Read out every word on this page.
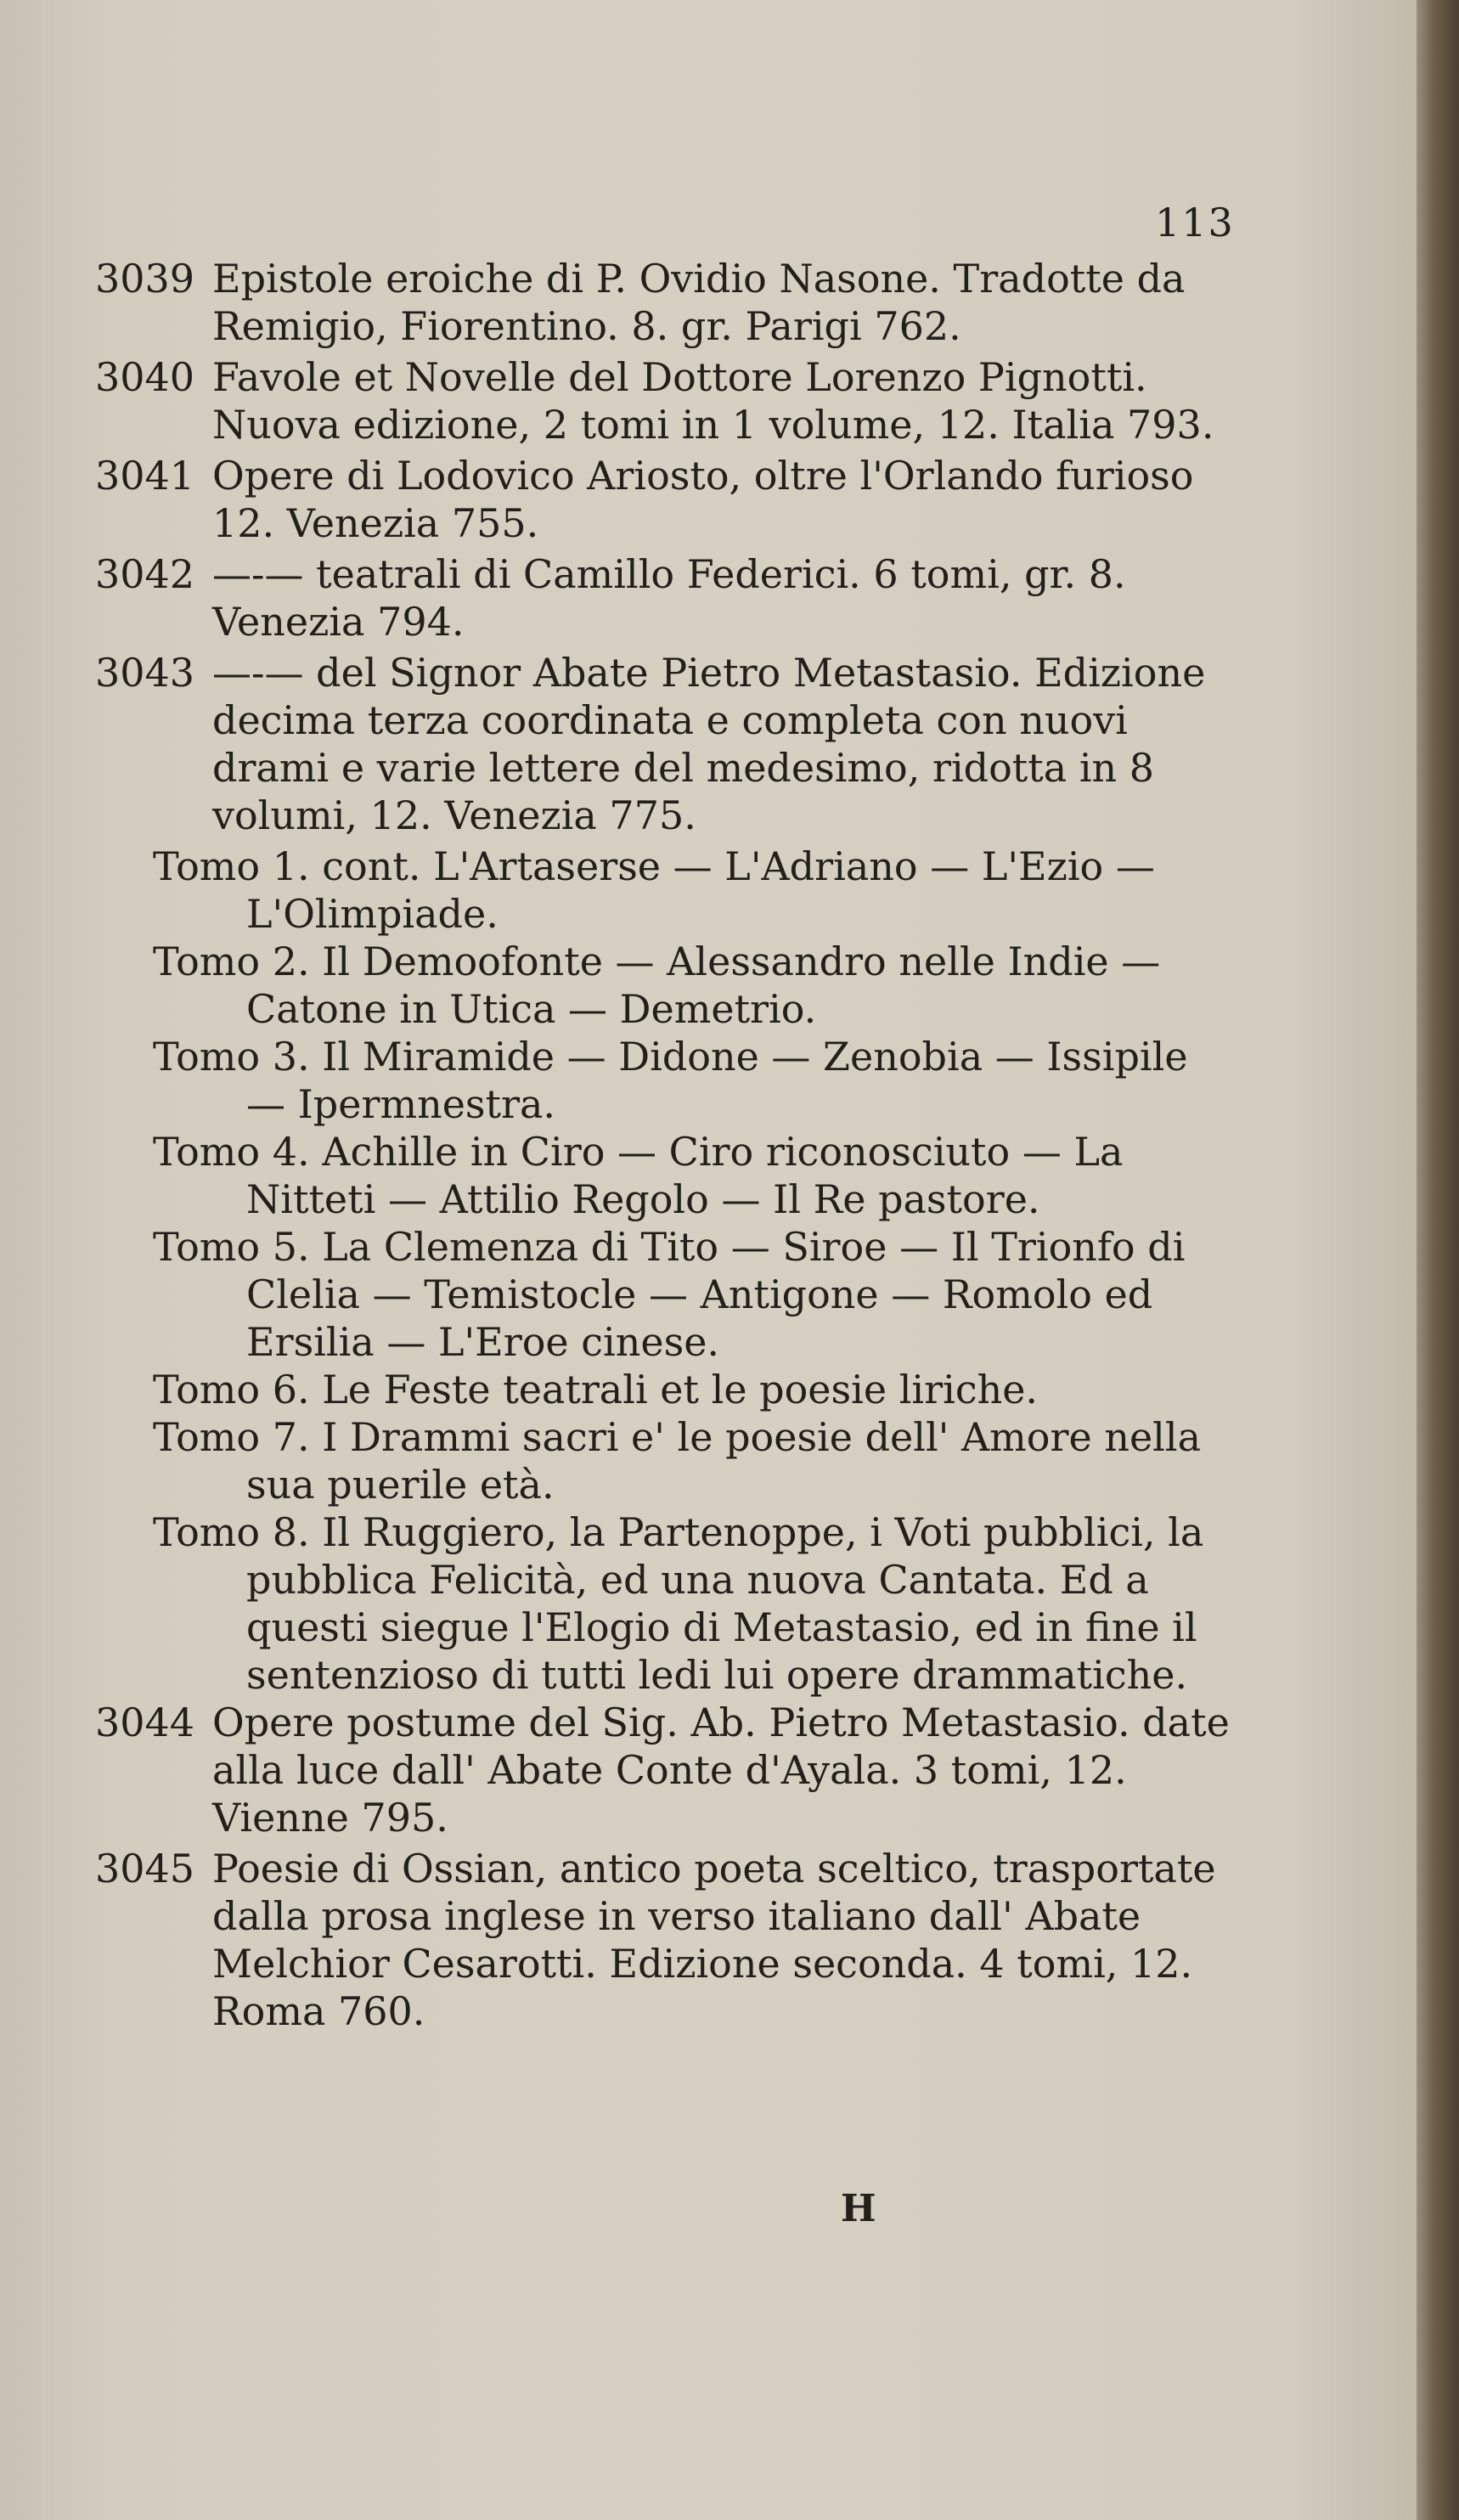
113
3039 Epistole eroiche di P. Ovidio Nasone. Tradotte da Remigio, Fiorentino. 8. gr. Parigi 762.
3040 Favole et Novelle del Dottore Lorenzo Pignotti. Nuova edizione, 2 tomi in 1 volume, 12. Italia 793.
3041 Opere di Lodovico Ariosto, oltre l'Orlando furioso 12. Venezia 755.
3042 —-— teatrali di Camillo Federici. 6 tomi, gr. 8. Venezia 794.
3043 —-— del Signor Abate Pietro Metastasio. Edizione decima terza coordinata e completa con nuovi drami e varie lettere del medesimo, ridotta in 8 volumi, 12. Venezia 775.
Tomo 1. cont. L'Artaserse — L'Adriano — L'Ezio — L'Olimpiade.
Tomo 2. Il Demoofonte — Alessandro nelle Indie — Catone in Utica — Demetrio.
Tomo 3. Il Miramide — Didone — Zenobia — Issipile — Ipermnestra.
Tomo 4. Achille in Ciro — Ciro riconosciuto — La Nitteti — Attilio Regolo — Il Re pastore.
Tomo 5. La Clemenza di Tito — Siroe — Il Trionfo di Clelia — Temistocle — Antigone — Romolo ed Ersilia — L'Eroe cinese.
Tomo 6. Le Feste teatrali et le poesie liriche.
Tomo 7. I Drammi sacri e' le poesie dell' Amore nella sua puerile età.
Tomo 8. Il Ruggiero, la Partenoppe, i Voti pubblici, la pubblica Felicità, ed una nuova Cantata. Ed a questi siegue l'Elogio di Metastasio, ed in fine il sentenzioso di tutti ledi lui opere drammatiche.
3044 Opere postume del Sig. Ab. Pietro Metastasio. date alla luce dall' Abate Conte d'Ayala. 3 tomi, 12. Vienne 795.
3045 Poesie di Ossian, antico poeta sceltico, trasportate dalla prosa inglese in verso italiano dall' Abate Melchior Cesarotti. Edizione seconda. 4 tomi, 12. Roma 760.
H
